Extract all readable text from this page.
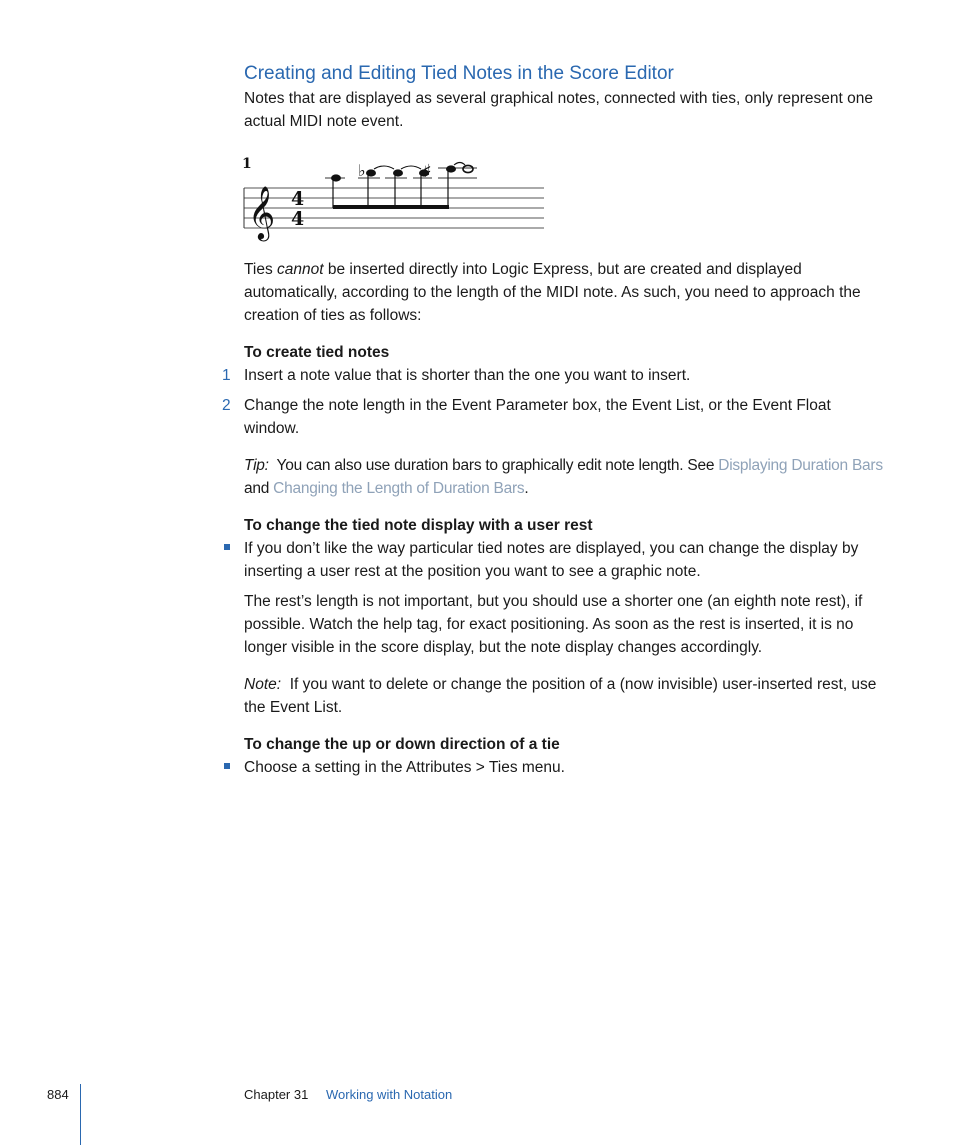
Creating and Editing Tied Notes in the Score Editor

Notes that are displayed as several graphical notes, connected with ties, only represent one actual MIDI note event.

1
𝄞 4
4
♭	♯

Ties cannot be inserted directly into Logic Express, but are created and displayed automatically, according to the length of the MIDI note. As such, you need to approach the creation of ties as follows:

To create tied notes

1 Insert a note value that is shorter than the one you want to insert.

2 Change the note length in the Event Parameter box, the Event List, or the Event Float window.

Tip: You can also use duration bars to graphically edit note length. See Displaying Duration Bars and Changing the Length of Duration Bars.

To change the tied note display with a user rest

If you don’t like the way particular tied notes are displayed, you can change the display by inserting a user rest at the position you want to see a graphic note.

The rest’s length is not important, but you should use a shorter one (an eighth note rest), if possible. Watch the help tag, for exact positioning. As soon as the rest is inserted, it is no longer visible in the score display, but the note display changes accordingly.

Note: If you want to delete or change the position of a (now invisible) user-inserted rest, use the Event List.

To change the up or down direction of a tie

Choose a setting in the Attributes > Ties menu.

884	Chapter 31 Working with Notation
